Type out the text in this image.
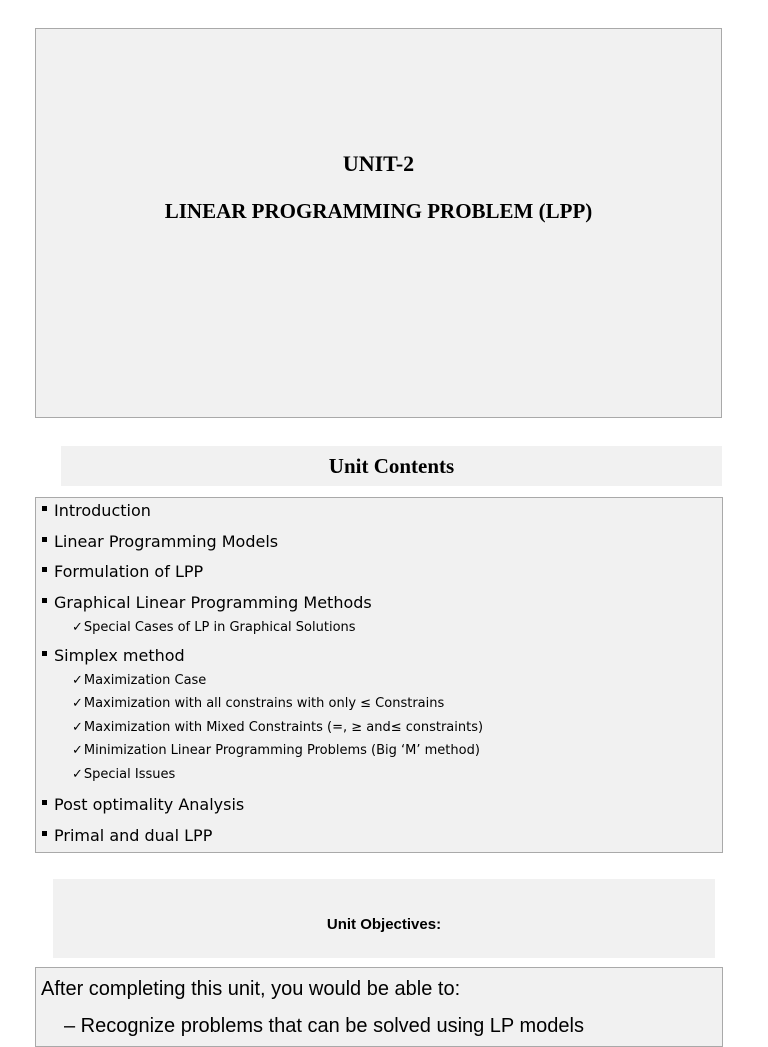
UNIT-2
LINEAR PROGRAMMING PROBLEM (LPP)
Unit Contents
Introduction
Linear Programming Models
Formulation of LPP
Graphical Linear Programming Methods
✓Special Cases of LP in Graphical Solutions
Simplex method
✓Maximization Case
✓Maximization with all constrains with only ≤ Constrains
✓Maximization with Mixed Constraints (=, ≥ and≤ constraints)
✓Minimization Linear Programming Problems (Big ‘M’ method)
✓Special Issues
Post optimality Analysis
Primal and dual LPP
Unit Objectives:
After completing this unit, you would be able to:
– Recognize problems that can be solved using LP models
